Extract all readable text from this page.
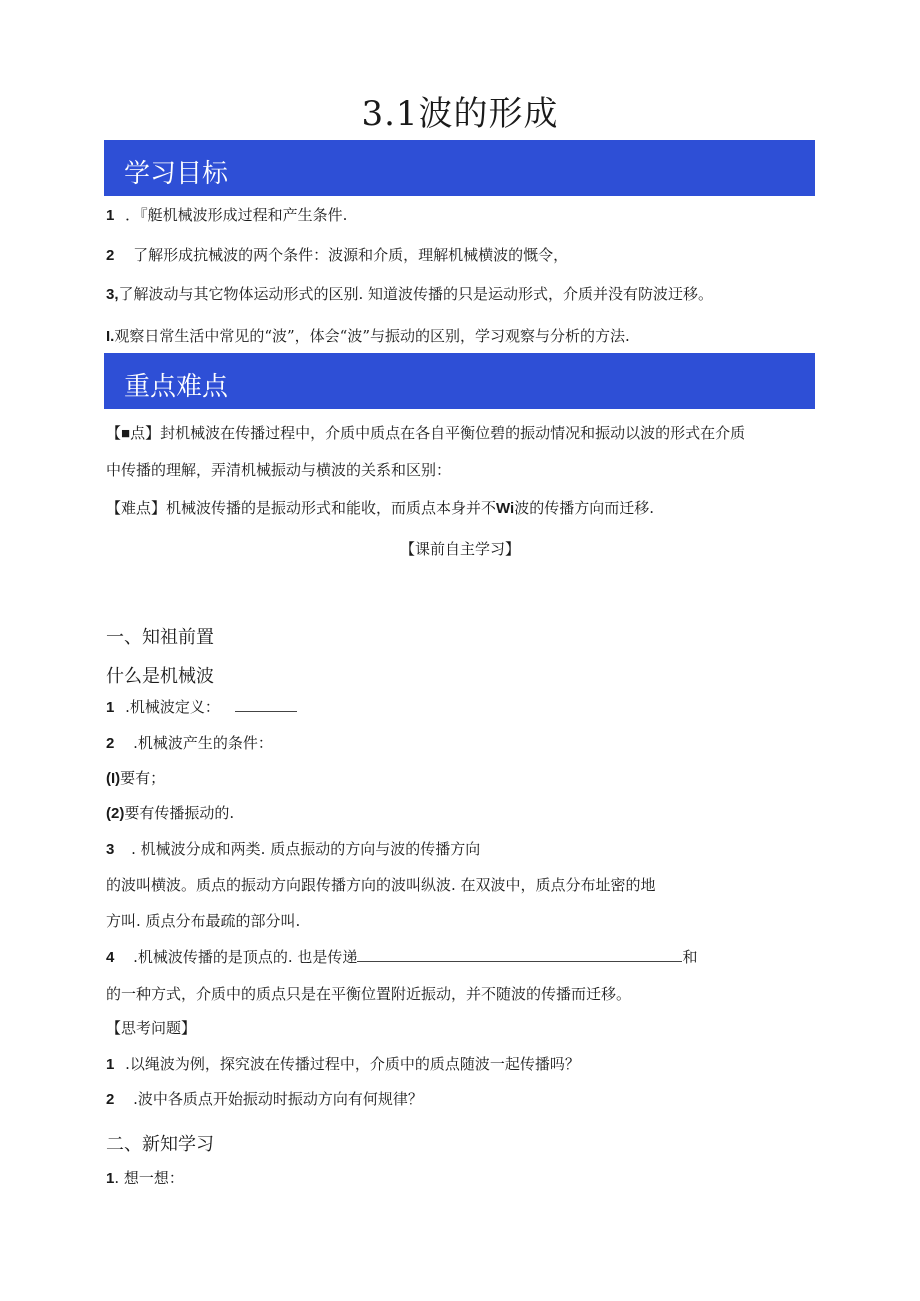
3.1波的形成
学习目标
1 ．『艇机械波形成过程和产生条件.
2 了解形成抗械波的两个条件：波源和介质，理解机械横波的慨令，
3,了解波动与其它物体运动形式的区别. 知道波传播的只是运动形式，介质并没有防波迂移。
I.观察日常生活中常见的“波”，体会“波”与振动的区别，学习观察与分析的方法.
重点难点
【■点】封机械波在传播过程中，介质中质点在各自平衡位碧的振动情况和振动以波的形式在介质
中传播的理解，弄清机械振动与横波的关系和区别：
【难点】机械波传播的是振动形式和能收，而质点本身并不Wi波的传播方向而迁移.
【课前自主学习】
一、知祖前置
什么是机械波
1 .机械波定义：
2 .机械波产生的条件：
(I)要有；
(2)要有传播振动的.
3 . 机械波分成和两类. 质点振动的方向与波的传播方向
的波叫横波。质点的振动方向跟传播方向的波叫纵波. 在双波中，质点分布址密的地
方叫. 质点分布最疏的部分叫.
4 .机械波传播的是顶点的. 也是传递	和
的一种方式，介质中的质点只是在平衡位置附近振动，并不随波的传播而迁移。
【思考问题】
1 .以绳波为例，探究波在传播过程中，介质中的质点随波一起传播吗？
2 .波中各质点开始振动时振动方向有何规律？
二、新知学习
1. 想一想：
